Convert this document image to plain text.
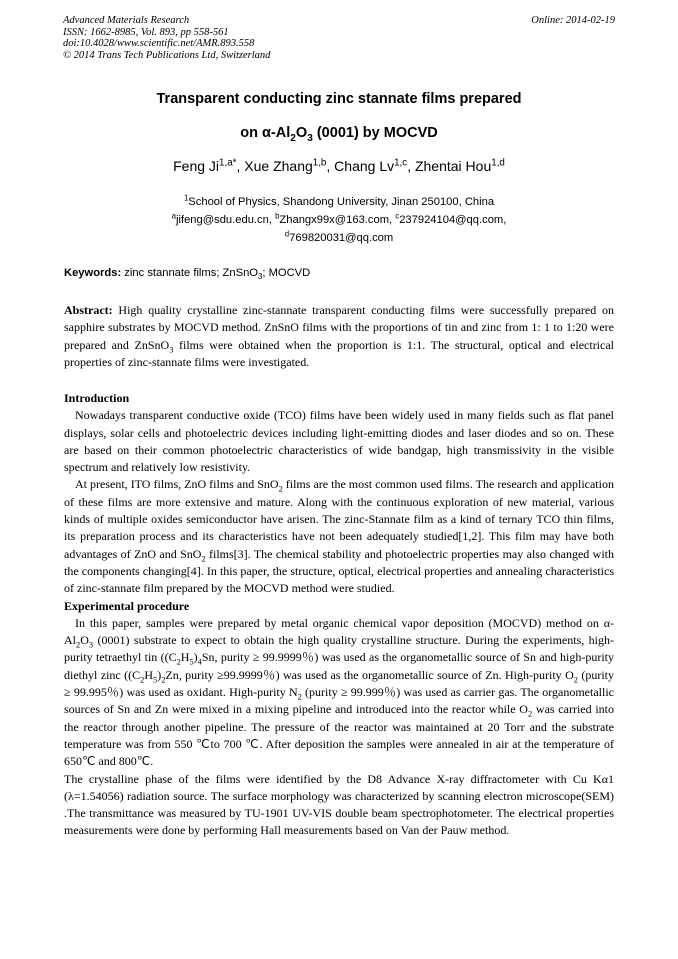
Advanced Materials Research
ISSN: 1662-8985, Vol. 893, pp 558-561
doi:10.4028/www.scientific.net/AMR.893.558
© 2014 Trans Tech Publications Ltd, Switzerland
Online: 2014-02-19
Transparent conducting zinc stannate films prepared
on $\alpha-Al_2O_3$ (0001) by MOCVD
Feng $Ji^{1,a*}$, Xue Zhang$^{1,b}$, Chang Lv$^{1,c}$, Zhentai Hou$^{1,d}$
$^1$School of Physics, Shandong University, Jinan 250100, China
$^a$jifeng@sdu.edu.cn, $^b$Zhangx99x@163.com, $^c$237924104@qq.com,
$^d$769820031@qq.com
Keywords: zinc stannate films; ZnSnO$_3$; MOCVD

Abstract: High quality crystalline zinc-stannate transparent conducting films were successfully prepared on sapphire substrates by MOCVD method. ZnSnO films with the proportions of tin and zinc from 1: 1 to 1:20 were prepared and ZnSnO$_3$ films were obtained when the proportion is 1:1. The structural, optical and electrical properties of zinc-stannate films were investigated.

Introduction

Nowadays transparent conductive oxide (TCO) films have been widely used in many fields such as flat panel displays, solar cells and photoelectric devices including light-emitting diodes and laser diodes and so on. These are based on their common photoelectric characteristics of wide bandgap, high transmissivity in the visible spectrum and relatively low resistivity.

At present, ITO films, ZnO films and SnO$_2$ films are the most common used films. The research and application of these films are more extensive and mature. Along with the continuous exploration of new material, various kinds of multiple oxides semiconductor have arisen. The zinc-Stannate film as a kind of ternary TCO thin films, its preparation process and its characteristics have not been adequately studied[1,2]. This film may have both advantages of ZnO and SnO$_2$ films[3]. The chemical stability and photoelectric properties may also changed with the components changing[4]. In this paper, the structure, optical, electrical properties and annealing characteristics of zinc-stannate film prepared by the MOCVD method were studied.

Experimental procedure

In this paper, samples were prepared by metal organic chemical vapor deposition (MOCVD) method on $\alpha-Al_2O_3$ (0001) substrate to expect to obtain the high quality crystalline structure. During the experiments, high-purity tetraethyl tin ($(C_2H_5)_4Sn$, purity ≥ 99.9999％) was used as the organometallic source of Sn and high-purity diethyl zinc ($(C_2H_5)_2Zn$, purity ≥99.9999％) was used as the organometallic source of Zn. High-purity $O_2$ (purity ≥ 99.995％) was used as oxidant. High-purity $N_2$ (purity ≥ 99.999％) was used as carrier gas. The organometallic sources of Sn and Zn were mixed in a mixing pipeline and introduced into the reactor while $O_2$ was carried into the reactor through another pipeline. The pressure of the reactor was maintained at 20 Torr and the substrate temperature was from 550 ℃to 700 ℃. After deposition the samples were annealed in air at the temperature of 650℃ and 800℃.

The crystalline phase of the films were identified by the D8 Advance X-ray diffractometer with Cu Kα1 (λ=1.54056) radiation source. The surface morphology was characterized by scanning electron microscope(SEM) .The transmittance was measured by TU-1901 UV-VIS double beam spectrophotometer. The electrical properties measurements were done by performing Hall measurements based on Van der Pauw method.
